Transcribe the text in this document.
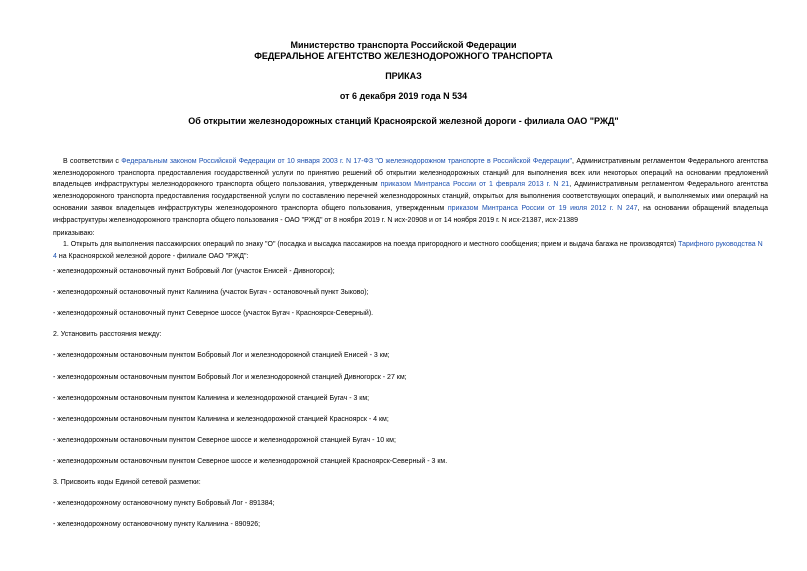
Министерство транспорта Российской Федерации
ФЕДЕРАЛЬНОЕ АГЕНТСТВО ЖЕЛЕЗНОДОРОЖНОГО ТРАНСПОРТА
ПРИКАЗ
от 6 декабря 2019 года N 534
Об открытии железнодорожных станций Красноярской железной дороги - филиала ОАО "РЖД"
В соответствии с Федеральным законом Российской Федерации от 10 января 2003 г. N 17-ФЗ "О железнодорожном транспорте в Российской Федерации", Административным регламентом Федерального агентства железнодорожного транспорта предоставления государственной услуги по принятию решений об открытии железнодорожных станций для выполнения всех или некоторых операций на основании предложений владельцев инфраструктуры железнодорожного транспорта общего пользования, утвержденным приказом Минтранса России от 1 февраля 2013 г. N 21, Административным регламентом Федерального агентства железнодорожного транспорта предоставления государственной услуги по составлению перечней железнодорожных станций, открытых для выполнения соответствующих операций, и выполняемых ими операций на основании заявок владельцев инфраструктуры железнодорожного транспорта общего пользования, утвержденным приказом Минтранса России от 19 июля 2012 г. N 247, на основании обращений владельца инфраструктуры железнодорожного транспорта общего пользования - ОАО "РЖД" от 8 ноября 2019 г. N исх-20908 и от 14 ноября 2019 г. N исх-21387, исх-21389
приказываю:
1. Открыть для выполнения пассажирских операций по знаку "О" (посадка и высадка пассажиров на поезда пригородного и местного сообщения; прием и выдача багажа не производятся) Тарифного руководства N 4 на Красноярской железной дороге - филиале ОАО "РЖД":
- железнодорожный остановочный пункт Бобровый Лог (участок Енисей - Дивногорск);
- железнодорожный остановочный пункт Калинина (участок Бугач - остановочный пункт Зыково);
- железнодорожный остановочный пункт Северное шоссе (участок Бугач - Красноярск-Северный).
2. Установить расстояния между:
- железнодорожным остановочным пунктом Бобровый Лог и железнодорожной станцией Енисей - 3 км;
- железнодорожным остановочным пунктом Бобровый Лог и железнодорожной станцией Дивногорск - 27 км;
- железнодорожным остановочным пунктом Калинина и железнодорожной станцией Бугач - 3 км;
- железнодорожным остановочным пунктом Калинина и железнодорожной станцией Красноярск - 4 км;
- железнодорожным остановочным пунктом Северное шоссе и железнодорожной станцией Бугач - 10 км;
- железнодорожным остановочным пунктом Северное шоссе и железнодорожной станцией Красноярск-Северный - 3 км.
3. Присвоить коды Единой сетевой разметки:
- железнодорожному остановочному пункту Бобровый Лог - 891384;
- железнодорожному остановочному пункту Калинина - 890926;
